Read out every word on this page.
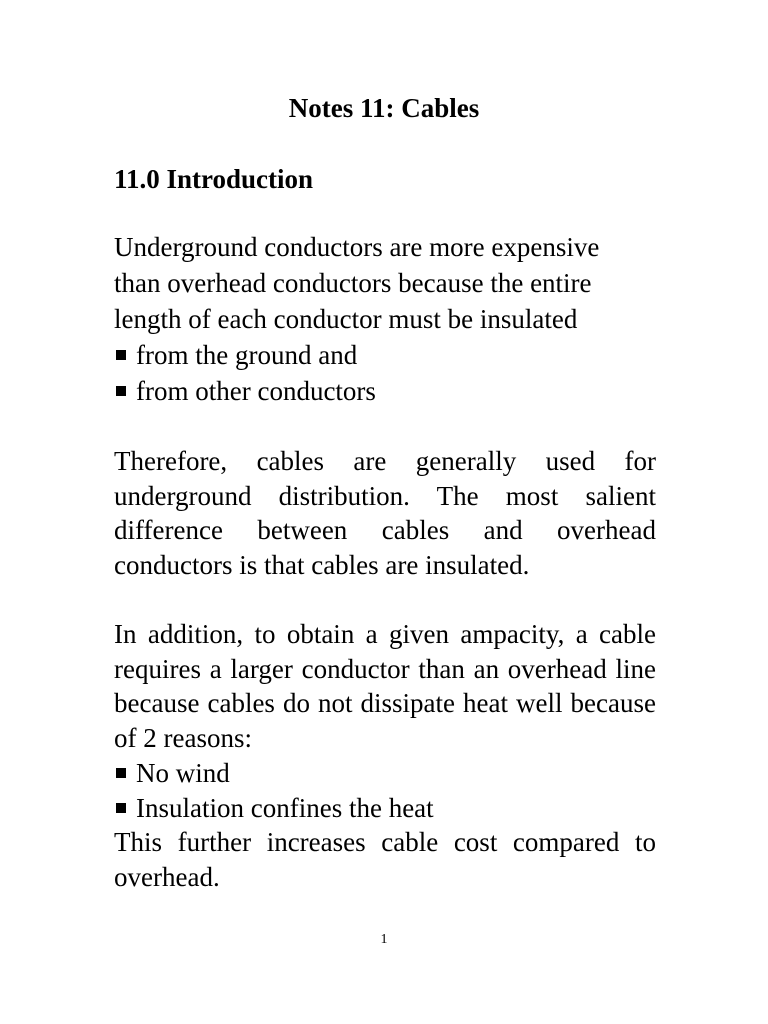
Notes 11: Cables
11.0 Introduction
Underground conductors are more expensive
than overhead conductors because the entire
length of each conductor must be insulated
from the ground and
from other conductors
Therefore, cables are generally used for underground distribution. The most salient difference between cables and overhead conductors is that cables are insulated.
In addition, to obtain a given ampacity, a cable requires a larger conductor than an overhead line because cables do not dissipate heat well because of 2 reasons:
No wind
Insulation confines the heat
This further increases cable cost compared to overhead.
1
